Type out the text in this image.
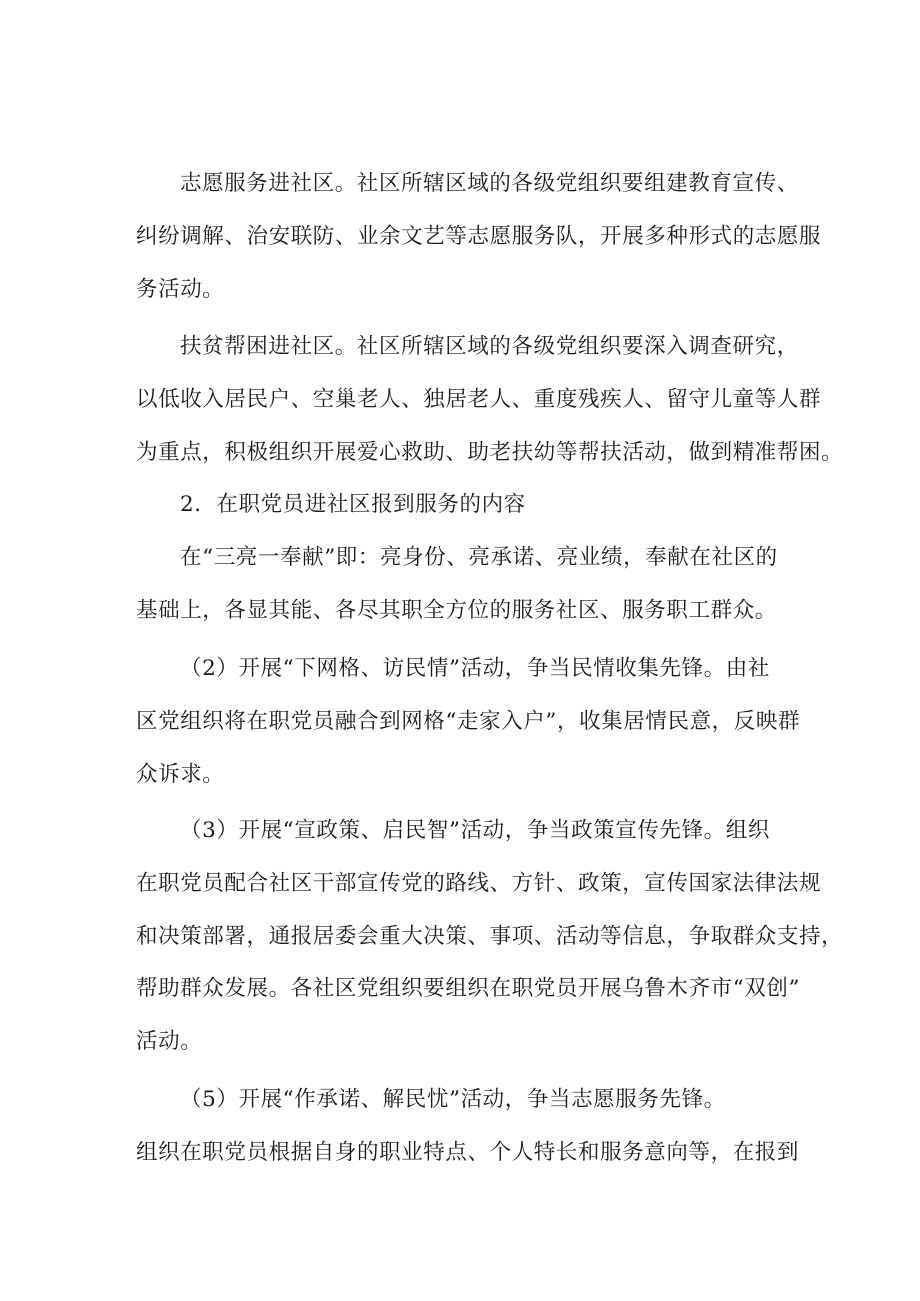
志愿服务进社区。社区所辖区域的各级党组织要组建教育宣传、
纠纷调解、治安联防、业余文艺等志愿服务队，开展多种形式的志愿服
务活动。
扶贫帮困进社区。社区所辖区域的各级党组织要深入调查研究，
以低收入居民户、空巢老人、独居老人、重度残疾人、留守儿童等人群
为重点，积极组织开展爱心救助、助老扶幼等帮扶活动，做到精准帮困。
2．在职党员进社区报到服务的内容
在“三亮一奉献”即：亮身份、亮承诺、亮业绩，奉献在社区的
基础上，各显其能、各尽其职全方位的服务社区、服务职工群众。
（2）开展“下网格、访民情”活动，争当民情收集先锋。由社
区党组织将在职党员融合到网格“走家入户”，收集居情民意，反映群
众诉求。
（3）开展“宣政策、启民智”活动，争当政策宣传先锋。组织
在职党员配合社区干部宣传党的路线、方针、政策，宣传国家法律法规
和决策部署，通报居委会重大决策、事项、活动等信息，争取群众支持，
帮助群众发展。各社区党组织要组织在职党员开展乌鲁木齐市“双创”
活动。
（5）开展“作承诺、解民忧”活动，争当志愿服务先锋。
组织在职党员根据自身的职业特点、个人特长和服务意向等，在报到
